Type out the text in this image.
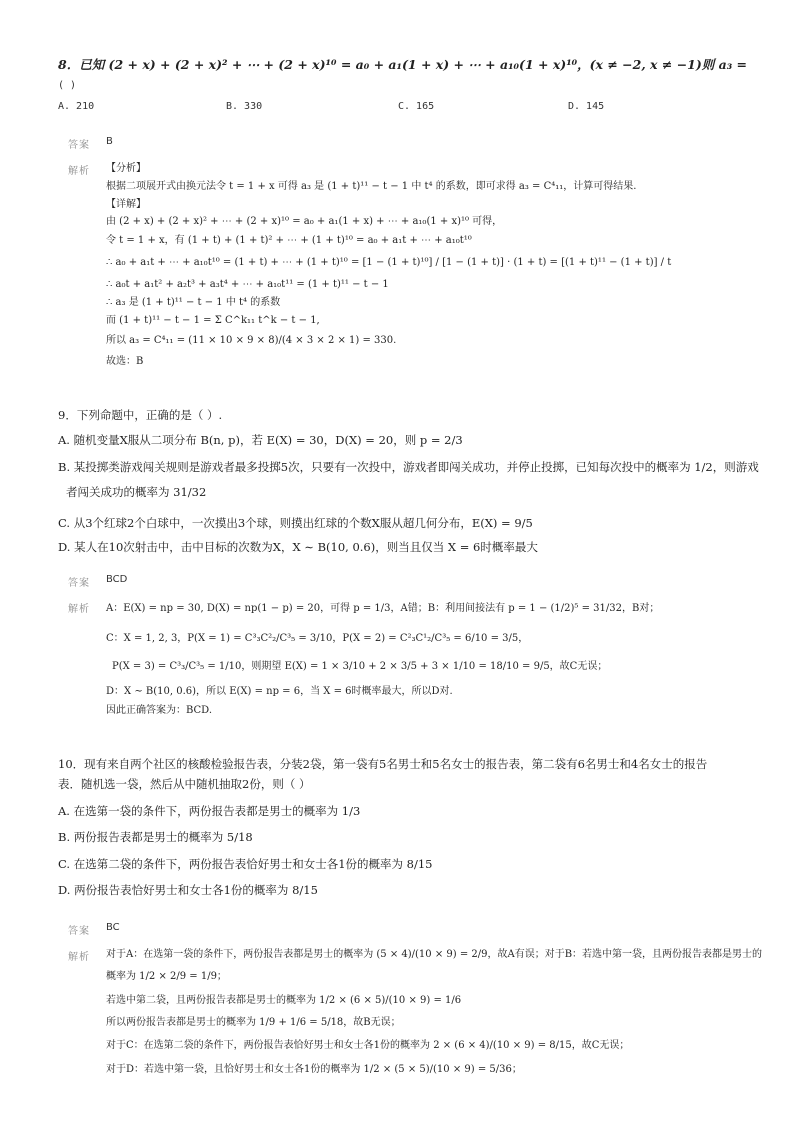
8．已知 (2 + x) + (2 + x)² + ⋯ + (2 + x)¹⁰ = a₀ + a₁(1 + x) + ⋯ + a₁₀(1 + x)¹⁰，(x ≠ −2, x ≠ −1)则 a₃ =
( )
A. 210	B. 330	C. 165	D. 145
答案 B
解析 【分析】
根据二项展开式由换元法令 t = 1 + x 可得 a₃ 是 (1 + t)¹¹ − t − 1 中 t⁴ 的系数，即可求得 a₃ = C⁴₁₁，计算可得结果.
【详解】
由 (2 + x) + (2 + x)² + ⋯ + (2 + x)¹⁰ = a₀ + a₁(1 + x) + ⋯ + a₁₀(1 + x)¹⁰ 可得，
令 t = 1 + x，有 (1 + t) + (1 + t)² + ⋯ + (1 + t)¹⁰ = a₀ + a₁t + ⋯ + a₁₀t¹⁰
∴ a₀ + a₁t + ⋯ + a₁₀t¹⁰ = (1 + t) + ⋯ + (1 + t)¹⁰ = [1 − (1 + t)¹⁰] / [1 − (1 + t)] · (1 + t) = [(1 + t)¹¹ − (1 + t)] / t
∴ a₀t + a₁t² + a₂t³ + a₃t⁴ + ⋯ + a₁₀t¹¹ = (1 + t)¹¹ − t − 1
∴ a₃ 是 (1 + t)¹¹ − t − 1 中 t⁴ 的系数
而 (1 + t)¹¹ − t − 1 = Σ C^k₁₁ t^k − t − 1,
所以 a₃ = C⁴₁₁ = (11 × 10 × 9 × 8)/(4 × 3 × 2 × 1) = 330.
故选：B
9．下列命题中，正确的是（ ）.
A. 随机变量X服从二项分布 B(n, p)，若 E(X) = 30，D(X) = 20，则 p = 2/3
B. 某投掷类游戏闯关规则是游戏者最多投掷5次，只要有一次投中，游戏者即闯关成功，并停止投掷，已知每次投中的概率为 1/2，则游戏
者闯关成功的概率为 31/32
C. 从3个红球2个白球中，一次摸出3个球，则摸出红球的个数X服从超几何分布，E(X) = 9/5
D. 某人在10次射击中，击中目标的次数为X，X ∼ B(10, 0.6)，则当且仅当 X = 6时概率最大
答案 BCD
解析 A：E(X) = np = 30, D(X) = np(1 − p) = 20，可得 p = 1/3，A错；B：利用间接法有 p = 1 − (1/2)⁵ = 31/32，B对；
C：X = 1, 2, 3，P(X = 1) = C³₃C²₂/C³₅ = 3/10，P(X = 2) = C²₃C¹₂/C³₅ = 6/10 = 3/5，
P(X = 3) = C³₃/C³₅ = 1/10，则期望 E(X) = 1 × 3/10 + 2 × 3/5 + 3 × 1/10 = 18/10 = 9/5，故C无误；
D：X ∼ B(10, 0.6)，所以 E(X) = np = 6，当 X = 6时概率最大，所以D对.
因此正确答案为：BCD.
10．现有来自两个社区的核酸检验报告表，分装2袋，第一袋有5名男士和5名女士的报告表，第二袋有6名男士和4名女士的报告
表．随机选一袋，然后从中随机抽取2份，则（ ）
A. 在选第一袋的条件下，两份报告表都是男士的概率为 1/3
B. 两份报告表都是男士的概率为 5/18
C. 在选第二袋的条件下，两份报告表恰好男士和女士各1份的概率为 8/15
D. 两份报告表恰好男士和女士各1份的概率为 8/15
答案 BC
解析 对于A：在选第一袋的条件下，两份报告表都是男士的概率为 (5 × 4)/(10 × 9) = 2/9，故A有误；对于B：若选中第一袋，且两份报告表都是男士的
概率为 1/2 × 2/9 = 1/9；
若选中第二袋，且两份报告表都是男士的概率为 1/2 × (6 × 5)/(10 × 9) = 1/6
所以两份报告表都是男士的概率为 1/9 + 1/6 = 5/18，故B无误；
对于C：在选第二袋的条件下，两份报告表恰好男士和女士各1份的概率为 2 × (6 × 4)/(10 × 9) = 8/15，故C无误；
对于D：若选中第一袋，且恰好男士和女士各1份的概率为 1/2 × (5 × 5)/(10 × 9) = 5/36；
